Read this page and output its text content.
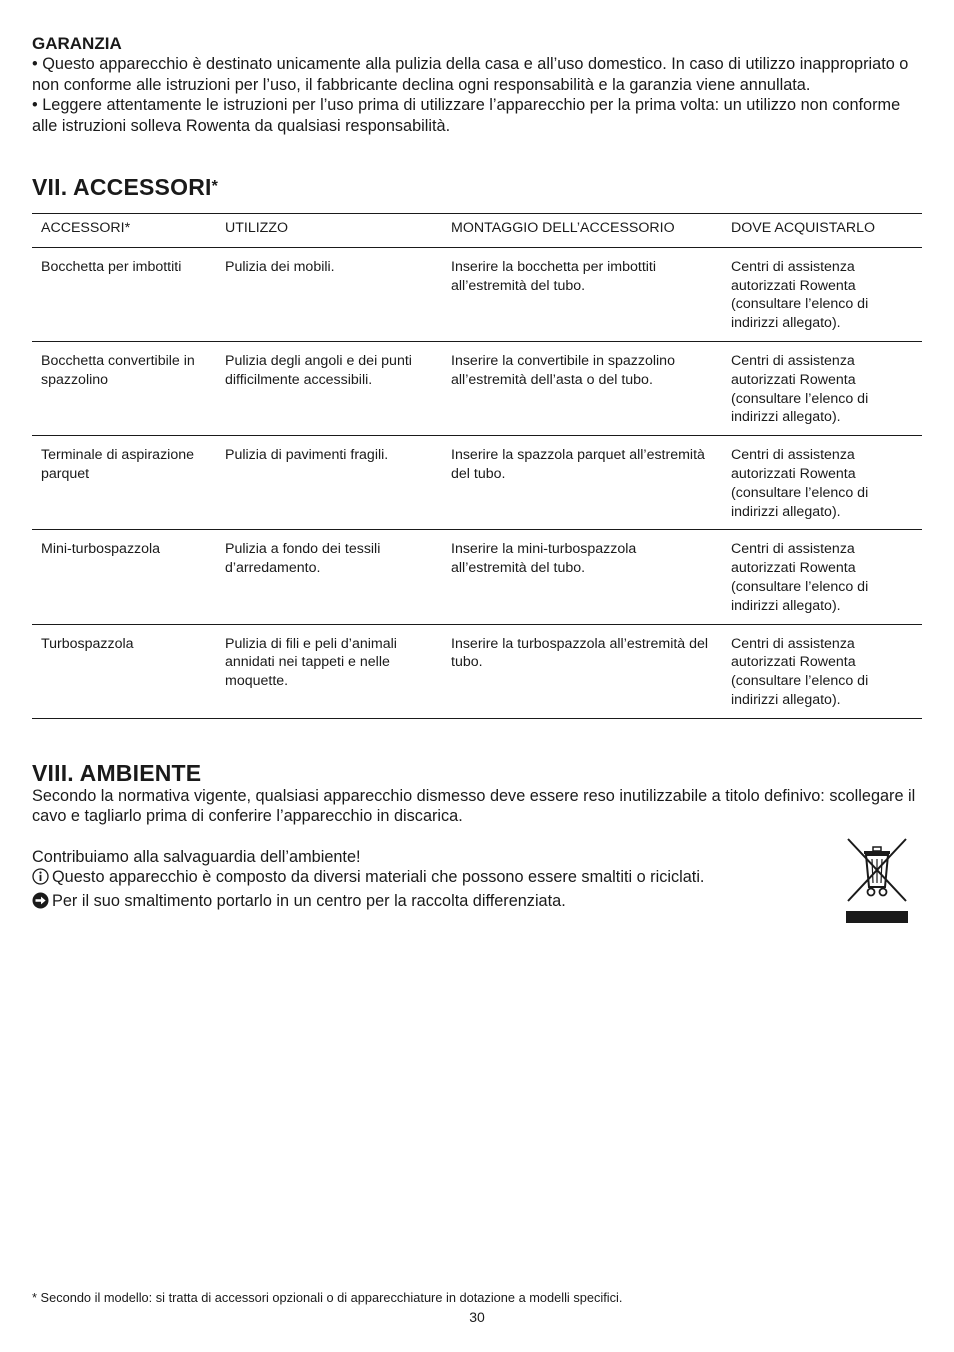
GARANZIA

• Questo apparecchio è destinato unicamente alla pulizia della casa e all’uso domestico. In caso di utilizzo inappropriato o non conforme alle istruzioni per l’uso, il fabbricante declina ogni responsabilità e la garanzia viene annullata.

• Leggere attentamente le istruzioni per l’uso prima di utilizzare l’apparecchio per la prima volta: un utilizzo non conforme alle istruzioni solleva Rowenta da qualsiasi responsabilità.

VII. ACCESSORI*
ACCESSORI*	UTILIZZO	MONTAGGIO DELL’ACCESSORIO	DOVE ACQUISTARLO
Bocchetta per imbottiti	Pulizia dei mobili.	Inserire la bocchetta per imbottiti all’estremità del tubo.	Centri di assistenza autorizzati Rowenta (consultare l’elenco di indirizzi allegato).
Bocchetta convertibile in spazzolino	Pulizia degli angoli e dei punti difficilmente accessibili.	Inserire la convertibile in spazzolino all’estremità dell’asta o del tubo.	Centri di assistenza autorizzati Rowenta (consultare l’elenco di indirizzi allegato).
Terminale di aspirazione parquet	Pulizia di pavimenti fragili.	Inserire la spazzola parquet all’estremità del tubo.	Centri di assistenza autorizzati Rowenta (consultare l’elenco di indirizzi allegato).
Mini-turbospazzola	Pulizia a fondo dei tessili d’arredamento.	Inserire la mini-turbospazzola all’estremità del tubo.	Centri di assistenza autorizzati Rowenta (consultare l’elenco di indirizzi allegato).
Turbospazzola	Pulizia di fili e peli d’animali annidati nei tappeti e nelle moquette.	Inserire la turbospazzola all’estremità del tubo.	Centri di assistenza autorizzati Rowenta (consultare l’elenco di indirizzi allegato).
VIII. AMBIENTE

Secondo la normativa vigente, qualsiasi apparecchio dismesso deve essere reso inutilizzabile a titolo definivo: scollegare il cavo e tagliarlo prima di conferire l’apparecchio in discarica.

Contribuiamo alla salvaguardia dell’ambiente!

Questo apparecchio è composto da diversi materiali che possono essere smaltiti o riciclati.

Per il suo smaltimento portarlo in un centro per la raccolta differenziata.

* Secondo il modello: si tratta di accessori opzionali o di apparecchiature in dotazione a modelli specifici.

30
